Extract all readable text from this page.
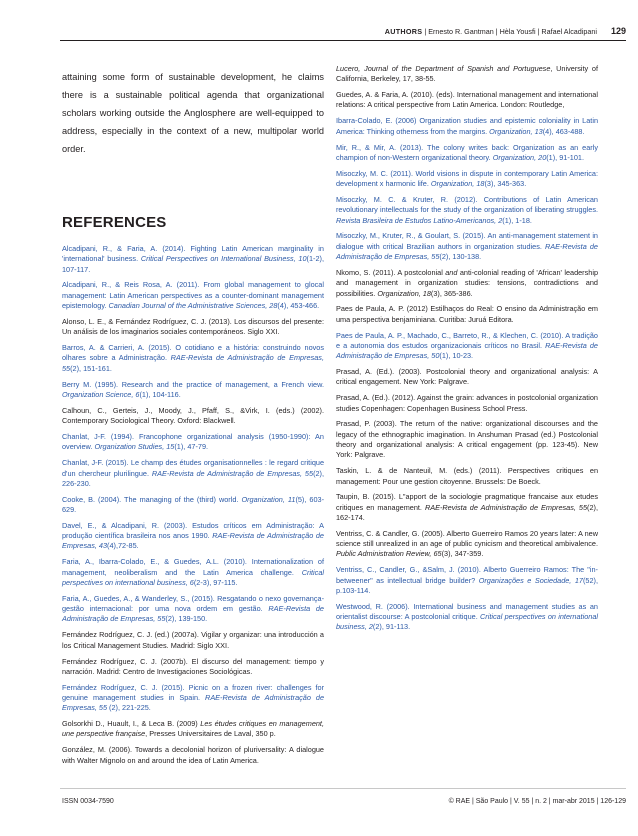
AUTHORS | Ernesto R. Gantman | Hèla Yousfi | Rafael Alcadipani 129

attaining some form of sustainable development, he claims there is a sustainable political agenda that organizational scholars working outside the Anglosphere are well-equipped to address, especially in the context of a new, multipolar world order.

REFERENCES

Alcadipani, R., & Faria, A. (2014). Fighting Latin American marginality in 'international' business. Critical Perspectives on International Business, 10(1-2), 107-117.

Alcadipani, R., & Reis Rosa, A. (2011). From global management to glocal management: Latin American perspectives as a counter-dominant management epistemology. Canadian Journal of the Administrative Sciences, 28(4), 453-466.

Alonso, L. E., & Fernández Rodríguez, C. J. (2013). Los discursos del presente: Un análisis de los imaginarios sociales contemporáneos. Siglo XXI.

Barros, A. & Carrieri, A. (2015). O cotidiano e a história: construindo novos olhares sobre a Administração. RAE-Revista de Administração de Empresas, 55(2), 151-161.

Berry M. (1995). Research and the practice of management, a French view. Organization Science, 6(1), 104-116.

Calhoun, C., Gerteis, J., Moody, J., Pfaff, S., &Virk, I. (eds.) (2002). Contemporary Sociological Theory. Oxford: Blackwell.

Chanlat, J-F. (1994). Francophone organizational analysis (1950-1990): An overview. Organization Studies, 15(1), 47-79.

Chanlat, J-F. (2015). Le champ des études organisationnelles : le regard critique d'un chercheur plurilingue. RAE-Revista de Administração de Empresas, 55(2), 226-230.

Cooke, B. (2004). The managing of the (third) world. Organization, 11(5), 603-629.

Davel, E., & Alcadipani, R. (2003). Estudos críticos em Administração: A produção científica brasileira nos anos 1990. RAE-Revista de Administração de Empresas, 43(4),72-85.

Faria, A., Ibarra-Colado, E., & Guedes, A.L. (2010). Internationalization of management, neoliberalism and the Latin America challenge. Critical perspectives on international business, 6(2-3), 97-115.

Faria, A., Guedes, A., & Wanderley, S., (2015). Resgatando o nexo governança-gestão internacional: por uma nova ordem em gestão. RAE-Revista de Administração de Empresas, 55(2), 139-150.

Fernández Rodríguez, C. J. (ed.) (2007a). Vigilar y organizar: una introducción a los Critical Management Studies. Madrid: Siglo XXI.

Fernández Rodríguez, C. J. (2007b). El discurso del management: tiempo y narración. Madrid: Centro de Investigaciones Sociológicas.

Fernández Rodríguez, C. J. (2015). Picnic on a frozen river: challenges for genuine management studies in Spain. RAE-Revista de Administração de Empresas, 55 (2), 221-225.

Golsorkhi D., Huault, I., & Leca B. (2009) Les études critiques en management, une perspective française, Presses Universitaires de Laval, 350 p.

González, M. (2006). Towards a decolonial horizon of pluriversality: A dialogue with Walter Mignolo on and around the idea of Latin America.

Lucero, Journal of the Department of Spanish and Portuguese, University of California, Berkeley, 17, 38-55.

Guedes, A. & Faria, A. (2010). (eds). International management and international relations: A critical perspective from Latin America. London: Routledge,

Ibarra-Colado, E. (2006) Organization studies and epistemic coloniality in Latin America: Thinking otherness from the margins. Organization, 13(4), 463-488.

Mir, R., & Mir, A. (2013). The colony writes back: Organization as an early champion of non-Western organizational theory. Organization, 20(1), 91-101.

Misoczky, M. C. (2011). World visions in dispute in contemporary Latin America: development x harmonic life. Organization, 18(3), 345-363.

Misoczky, M. C. & Kruter, R. (2012). Contributions of Latin American revolutionary intellectuals for the study of the organization of liberating struggles. Revista Brasileira de Estudos Latino-Americanos, 2(1), 1-18.

Misoczky, M., Kruter, R., & Goulart, S. (2015). An anti-management statement in dialogue with critical Brazilian authors in organization studies. RAE-Revista de Administração de Empresas, 55(2), 130-138.

Nkomo, S. (2011). A postcolonial and anti-colonial reading of 'African' leadership and management in organization studies: tensions, contradictions and possibilities. Organization, 18(3), 365-386.

Paes de Paula, A. P. (2012) Estilhaços do Real: O ensino da Administração em uma perspectiva benjaminiana. Curitiba: Juruá Editora.

Paes de Paula, A. P., Machado, C., Barreto, R., & Klechen, C. (2010). A tradição e a autonomia dos estudos organizacionais críticos no Brasil. RAE-Revista de Administração de Empresas, 50(1), 10-23.

Prasad, A. (Ed.). (2003). Postcolonial theory and organizational analysis: A critical engagement. New York: Palgrave.

Prasad, A. (Ed.). (2012). Against the grain: advances in postcolonial organization studies Copenhagen: Copenhagen Business School Press.

Prasad, P. (2003). The return of the native: organizational discourses and the legacy of the ethnographic imagination. In Anshuman Prasad (ed.) Postcolonial theory and organizational analysis: A critical engagement (pp. 123-45). New York: Palgrave.

Taskin, L. & de Nanteuil, M. (eds.) (2011). Perspectives critiques en management: Pour une gestion citoyenne. Brussels: De Boeck.

Taupin, B. (2015). L"apport de la sociologie pragmatique francaise aux etudes critiques en management. RAE-Revista de Administração de Empresas, 55(2), 162-174.

Ventriss, C. & Candler, G. (2005). Alberto Guerreiro Ramos 20 years later: A new science still unrealized in an age of public cynicism and theoretical ambivalence. Public Administration Review, 65(3), 347-359.

Ventriss, C., Candler, G., &Salm, J. (2010). Alberto Guerreiro Ramos: The "in-betweener" as intellectual bridge builder? Organizações e Sociedade, 17(52), p.103-114.

Westwood, R. (2006). International business and management studies as an orientalist discourse: A postcolonial critique. Critical perspectives on international business, 2(2), 91-113.

ISSN 0034-7590	© RAE | São Paulo | V. 55 | n. 2 | mar-abr 2015 | 126-129
